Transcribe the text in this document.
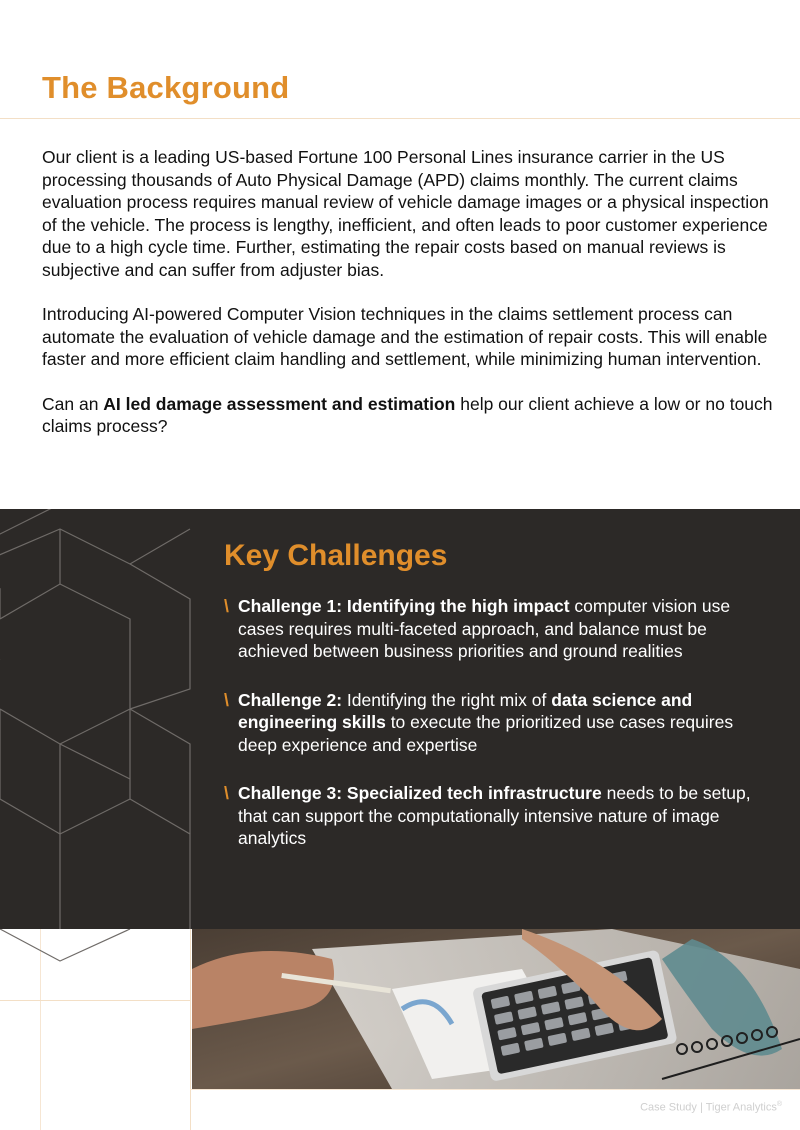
The Background

Our client is a leading US-based Fortune 100 Personal Lines insurance carrier in the US processing thousands of Auto Physical Damage (APD) claims monthly. The current claims evaluation process requires manual review of vehicle damage images or a physical inspection of the vehicle. The process is lengthy, inefficient, and often leads to poor customer experience due to a high cycle time. Further, estimating the repair costs based on manual reviews is subjective and can suffer from adjuster bias.

Introducing AI-powered Computer Vision techniques in the claims settlement process can automate the evaluation of vehicle damage and the estimation of repair costs. This will enable faster and more efficient claim handling and settlement, while minimizing human intervention.

Can an AI led damage assessment and estimation help our client achieve a low or no touch claims process?

Key Challenges
\ Challenge 1: Identifying the high impact computer vision use cases requires multi-faceted approach, and balance must be achieved between business priorities and ground realities
\ Challenge 2: Identifying the right mix of data science and engineering skills to execute the prioritized use cases requires deep experience and expertise
\ Challenge 3: Specialized tech infrastructure needs to be setup, that can support the computationally intensive nature of image analytics
Case Study | Tiger Analytics®
